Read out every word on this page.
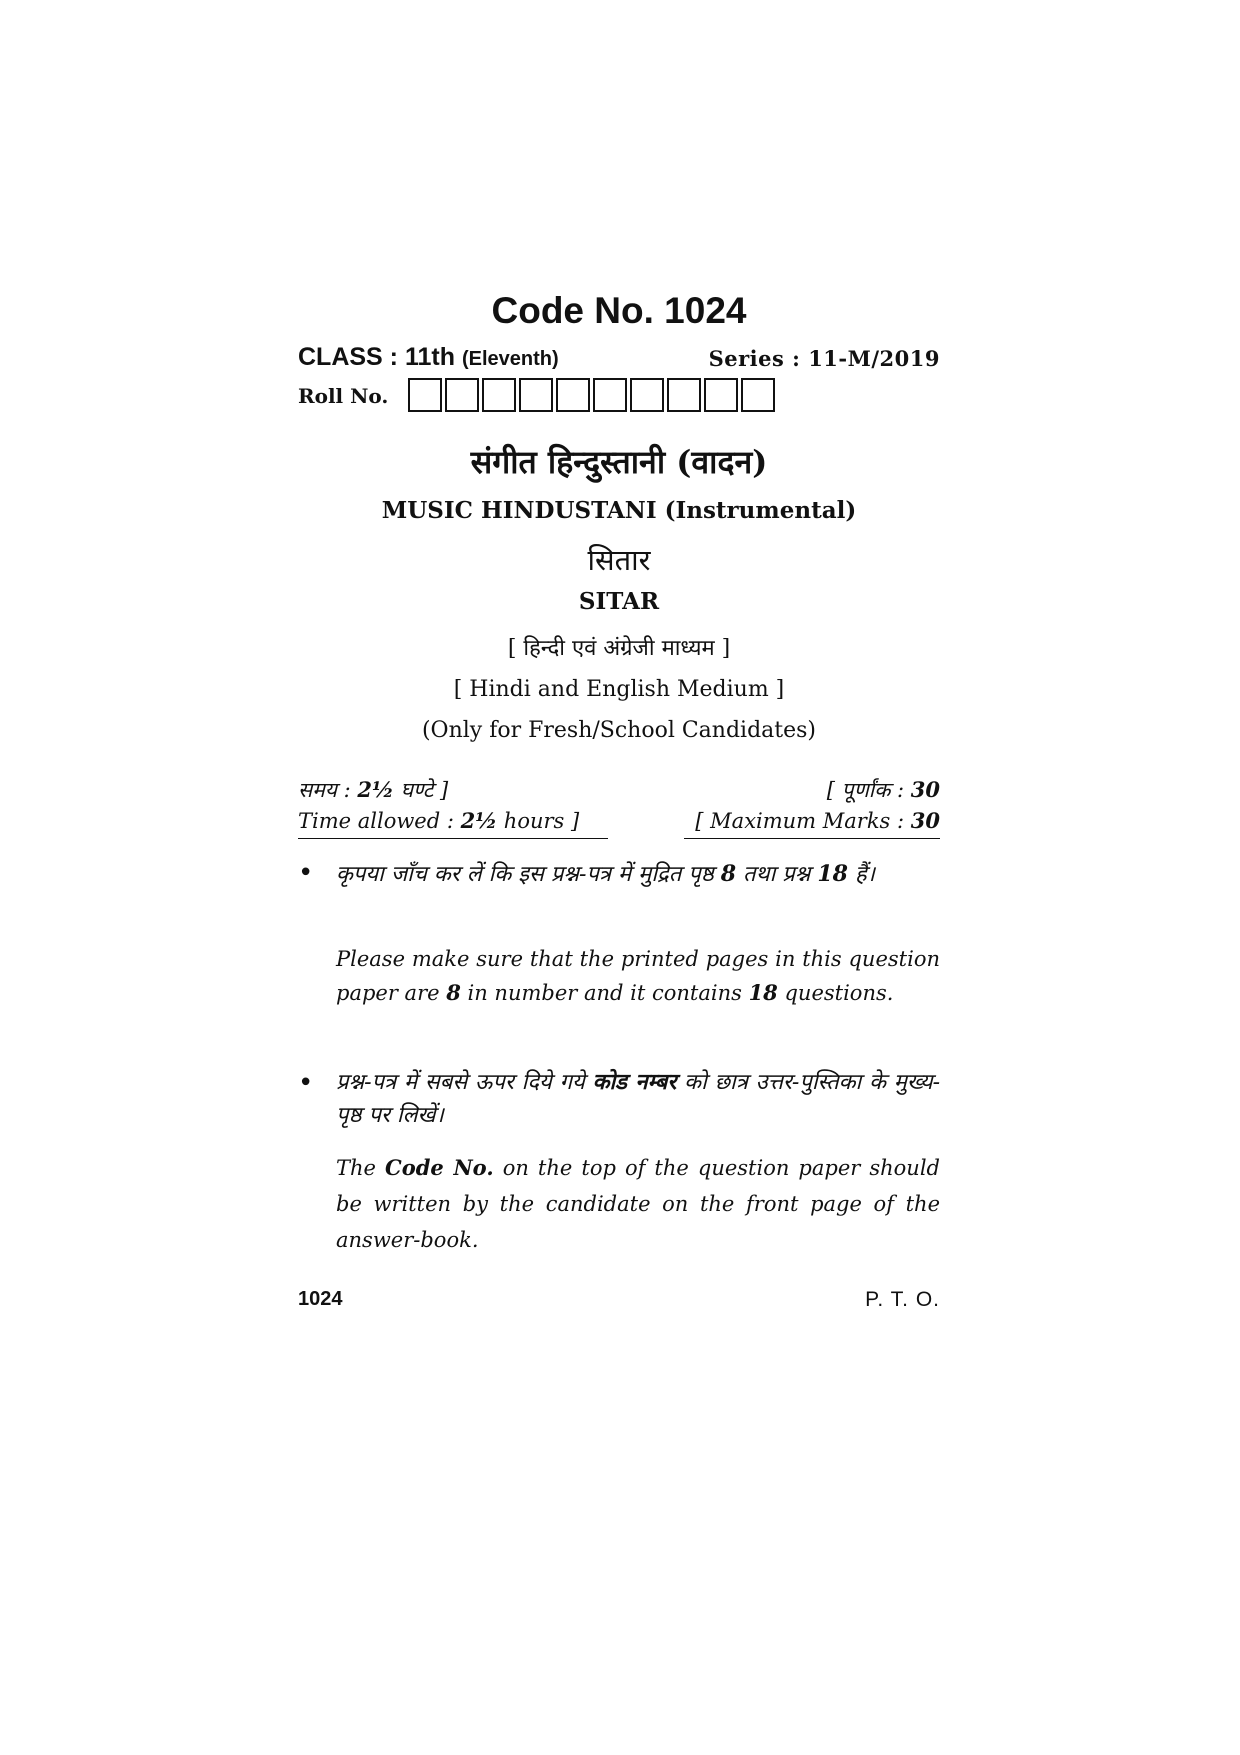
Code No. 1024
CLASS : 11th (Eleventh)	Series : 11-M/2019
Roll No.
संगीत हिन्दुस्तानी (वादन)
MUSIC HINDUSTANI (Instrumental)
सितार
SITAR
[ हिन्दी एवं अंग्रेजी माध्यम ]
[ Hindi and English Medium ]
(Only for Fresh/School Candidates)
समय : 2½ घण्टे ]	[ पूर्णांक : 30
Time allowed : 2½ hours ]	[ Maximum Marks : 30
• कृपया जाँच कर लें कि इस प्रश्न-पत्र में मुद्रित पृष्ठ 8 तथा प्रश्न 18 हैं।
Please make sure that the printed pages in this question paper are 8 in number and it contains 18 questions.
• प्रश्न-पत्र में सबसे ऊपर दिये गये कोड नम्बर को छात्र उत्तर-पुस्तिका के मुख्य-पृष्ठ पर लिखें।
The Code No. on the top of the question paper should be written by the candidate on the front page of the answer-book.
1024	P. T. O.
